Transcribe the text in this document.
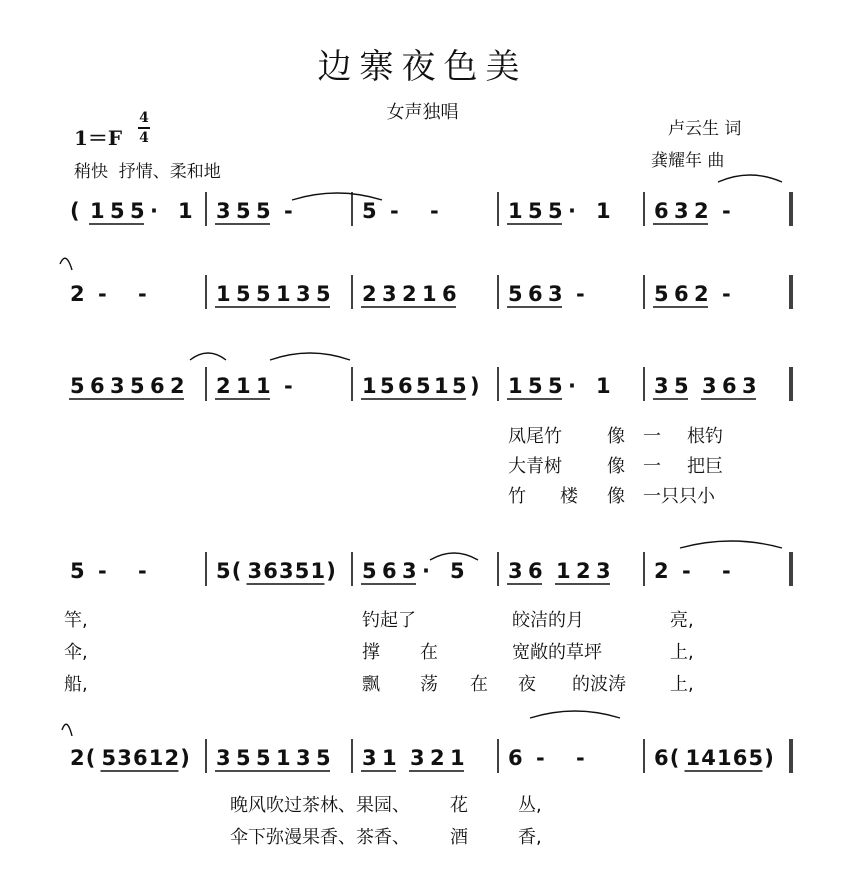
边寨夜色美
女声独唱
1＝F
4
4
稍快  抒情、柔和地
卢云生 词
龚耀年 曲
凤尾竹	像 一 根钓
大青树	像 一 把巨
竹 楼 像 一只只小
竿,	钓起了	皎洁的月	亮,
伞,	撑 在	宽敞的草坪	上,
船,	飘 荡 在 夜 的波涛 上,
晚风吹过茶林、果园、 花	丛,
伞下弥漫果香、茶香、 酒	香,
( 1 5 5 · 1 3 5 5 -	5 - -	1 5 5 · 1 6 3 2 -
2 - -	1 5 5 1 3 5 2 3 2 1 6 5 6 3 -	5 6 2 -
5 6 3 5 6 2 2 1 1 -	1 5 6 5 1 5 ) 1 5 5 · 1 3 5 3 6 3
5 - -	5 ( 3 6 3 5 1 ) 5 6 3 · 5 3 6 1 2 3 2 - -
2 ( 5 3 6 1 2 ) 3 5 5 1 3 5 3 1 3 2 1 6 - -	6 ( 1 4 1 6 5 )
